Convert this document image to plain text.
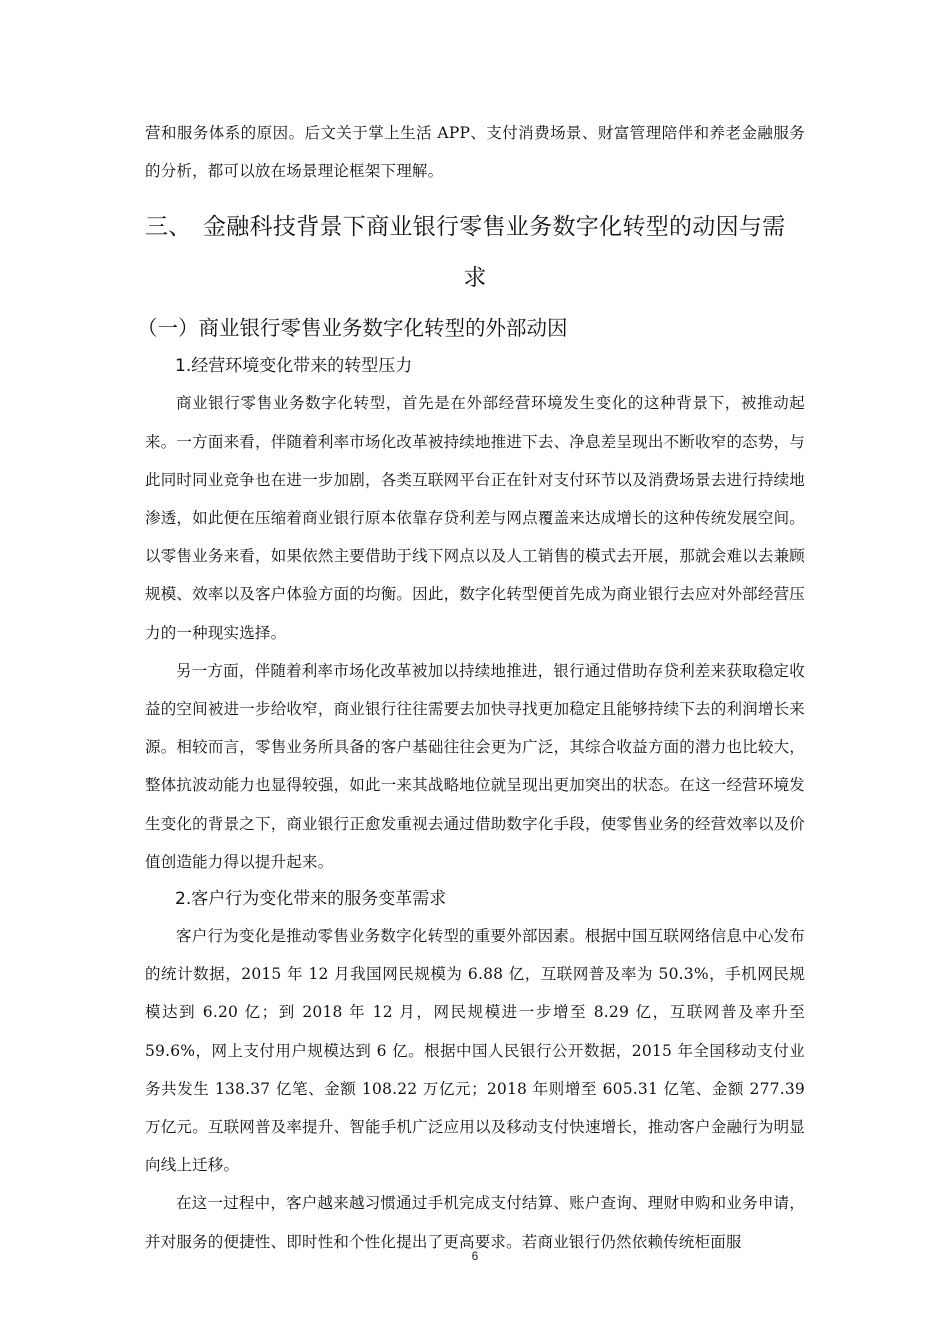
营和服务体系的原因。后文关于掌上生活 APP、支付消费场景、财富管理陪伴和养老金融服务的分析，都可以放在场景理论框架下理解。

三、 金融科技背景下商业银行零售业务数字化转型的动因与需
求
（一）商业银行零售业务数字化转型的外部动因
1.经营环境变化带来的转型压力

商业银行零售业务数字化转型，首先是在外部经营环境发生变化的这种背景下，被推动起来。一方面来看，伴随着利率市场化改革被持续地推进下去、净息差呈现出不断收窄的态势，与此同时同业竞争也在进一步加剧，各类互联网平台正在针对支付环节以及消费场景去进行持续地渗透，如此便在压缩着商业银行原本依靠存贷利差与网点覆盖来达成增长的这种传统发展空间。以零售业务来看，如果依然主要借助于线下网点以及人工销售的模式去开展，那就会难以去兼顾规模、效率以及客户体验方面的均衡。因此，数字化转型便首先成为商业银行去应对外部经营压力的一种现实选择。

另一方面，伴随着利率市场化改革被加以持续地推进，银行通过借助存贷利差来获取稳定收益的空间被进一步给收窄，商业银行往往需要去加快寻找更加稳定且能够持续下去的利润增长来源。相较而言，零售业务所具备的客户基础往往会更为广泛，其综合收益方面的潜力也比较大，整体抗波动能力也显得较强，如此一来其战略地位就呈现出更加突出的状态。在这一经营环境发生变化的背景之下，商业银行正愈发重视去通过借助数字化手段，使零售业务的经营效率以及价值创造能力得以提升起来。

2.客户行为变化带来的服务变革需求

客户行为变化是推动零售业务数字化转型的重要外部因素。根据中国互联网络信息中心发布的统计数据，2015 年 12 月我国网民规模为 6.88 亿，互联网普及率为 50.3%，手机网民规模达到 6.20 亿；到 2018 年 12 月，网民规模进一步增至 8.29 亿，互联网普及率升至 59.6%，网上支付用户规模达到 6 亿。根据中国人民银行公开数据，2015 年全国移动支付业务共发生 138.37 亿笔、金额 108.22 万亿元；2018 年则增至 605.31 亿笔、金额 277.39 万亿元。互联网普及率提升、智能手机广泛应用以及移动支付快速增长，推动客户金融行为明显向线上迁移。

在这一过程中，客户越来越习惯通过手机完成支付结算、账户查询、理财申购和业务申请，并对服务的便捷性、即时性和个性化提出了更高要求。若商业银行仍然依赖传统柜面服

6
